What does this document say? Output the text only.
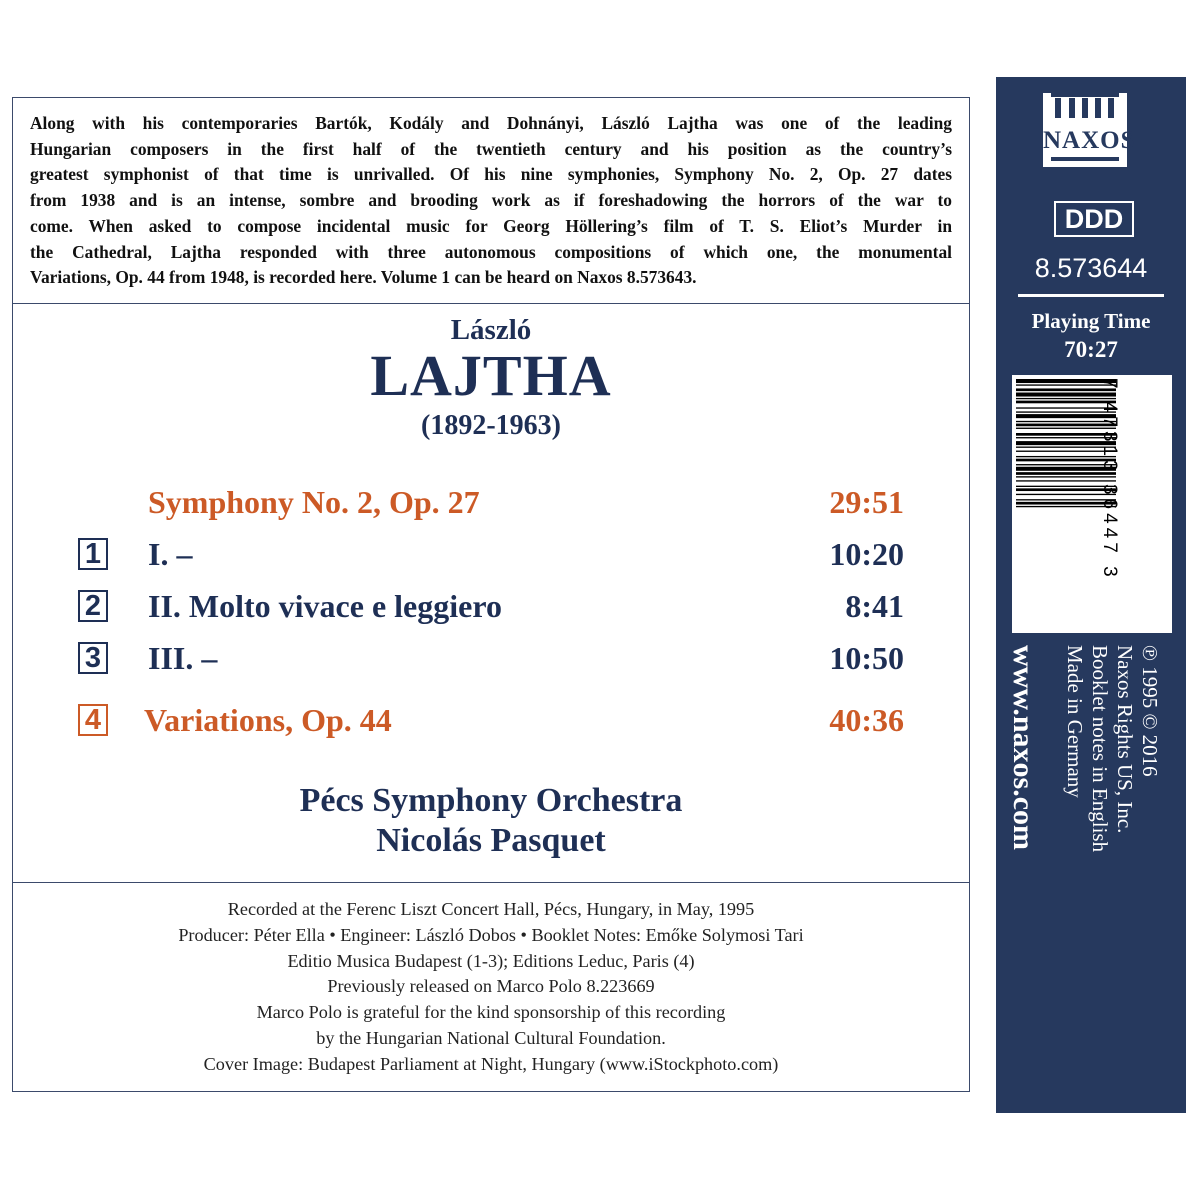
Along with his contemporaries Bartók, Kodály and Dohnányi, László Lajtha was one of the leading
Hungarian composers in the first half of the twentieth century and his position as the country’s
greatest symphonist of that time is unrivalled. Of his nine symphonies, Symphony No. 2, Op. 27 dates
from 1938 and is an intense, sombre and brooding work as if foreshadowing the horrors of the war to
come. When asked to compose incidental music for Georg Höllering’s film of T. S. Eliot’s Murder in
the Cathedral, Lajtha responded with three autonomous compositions of which one, the monumental
Variations, Op. 44 from 1948, is recorded here. Volume 1 can be heard on Naxos 8.573643.
László
LAJTHA
(1892-1963)
Symphony No. 2, Op. 27	29:51
1 I. –	10:20
2 II. Molto vivace e leggiero	8:41
3 III. –	10:50
4 Variations, Op. 44	40:36
Pécs Symphony Orchestra
Nicolás Pasquet
Recorded at the Ferenc Liszt Concert Hall, Pécs, Hungary, in May, 1995
Producer: Péter Ella • Engineer: László Dobos • Booklet Notes: Emőke Solymosi Tari
Editio Musica Budapest (1-3); Editions Leduc, Paris (4)
Previously released on Marco Polo 8.223669
Marco Polo is grateful for the kind sponsorship of this recording
by the Hungarian National Cultural Foundation.
Cover Image: Budapest Parliament at Night, Hungary (www.iStockphoto.com)
NAXOS
DDD
8.573644
Playing Time
70:27
7 47313 36447 3
www.naxos.com	℗ 1995 © 2016
Naxos Rights US, Inc.
Booklet notes in English
Made in Germany
